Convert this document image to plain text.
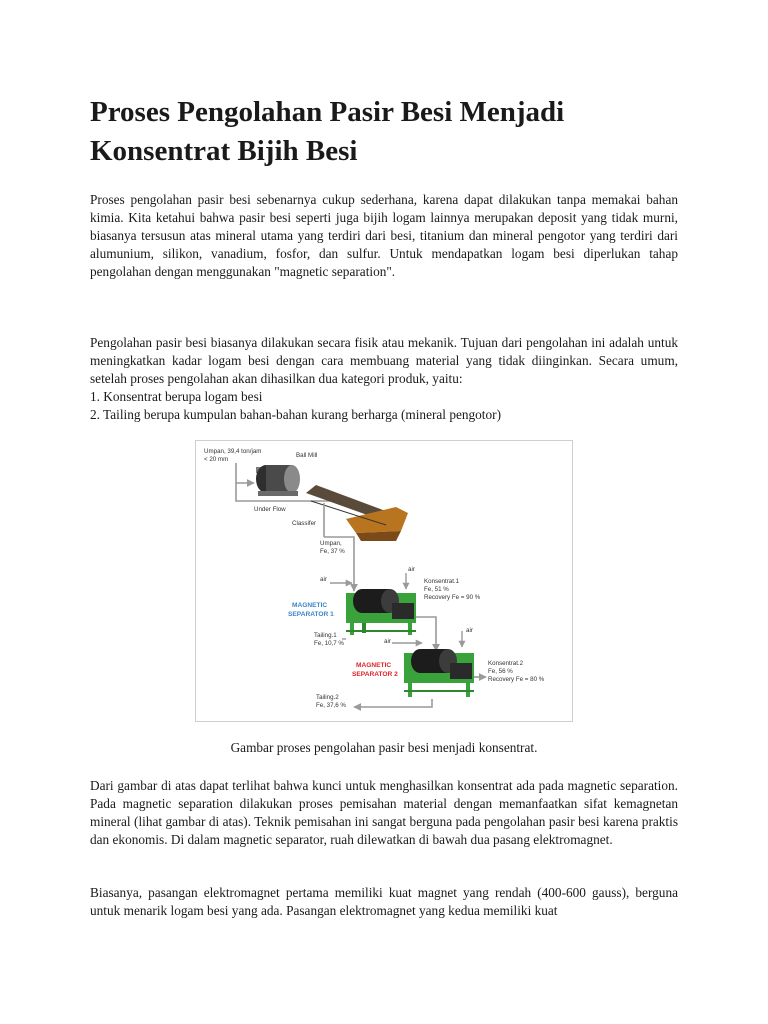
Proses Pengolahan Pasir Besi Menjadi Konsentrat Bijih Besi

Proses pengolahan pasir besi sebenarnya cukup sederhana, karena dapat dilakukan tanpa memakai bahan kimia. Kita ketahui bahwa pasir besi seperti juga bijih logam lainnya merupakan deposit yang tidak murni, biasanya tersusun atas mineral utama yang terdiri dari besi, titanium dan mineral pengotor yang terdiri dari alumunium, silikon, vanadium, fosfor, dan sulfur. Untuk mendapatkan logam besi diperlukan tahap pengolahan dengan menggunakan "magnetic separation".

Pengolahan pasir besi biasanya dilakukan secara fisik atau mekanik. Tujuan dari pengolahan ini adalah untuk meningkatkan kadar logam besi dengan cara membuang material yang tidak diinginkan. Secara umum, setelah proses pengolahan akan dihasilkan dua kategori produk, yaitu:

1. Konsentrat berupa logam besi
2. Tailing berupa kumpulan bahan-bahan kurang berharga (mineral pengotor)
Umpan, 39,4 ton/jam
< 20 mm
Ball Mill
Under Flow
Classifer
Umpan,
Fe, 37 %
air
air
MAGNETIC
SEPARATOR 1
Konsentrat.1
Fe, 51 %
Recovery Fe = 90 %
Tailing.1
Fe, 10,7 %	air
air
MAGNETIC
SEPARATOR 2
Konsentrat.2
Fe, 56 %
Recovery Fe = 80 %
Tailing.2
Fe, 37,6 %
Gambar proses pengolahan pasir besi menjadi konsentrat.

Dari gambar di atas dapat terlihat bahwa kunci untuk menghasilkan konsentrat ada pada magnetic separation. Pada magnetic separation dilakukan proses pemisahan material dengan memanfaatkan sifat kemagnetan mineral (lihat gambar di atas). Teknik pemisahan ini sangat berguna pada pengolahan pasir besi karena praktis dan ekonomis. Di dalam magnetic separator, ruah dilewatkan di bawah dua pasang elektromagnet.

Biasanya, pasangan elektromagnet pertama memiliki kuat magnet yang rendah (400-600 gauss), berguna untuk menarik logam besi yang ada. Pasangan elektromagnet yang kedua memiliki kuat
